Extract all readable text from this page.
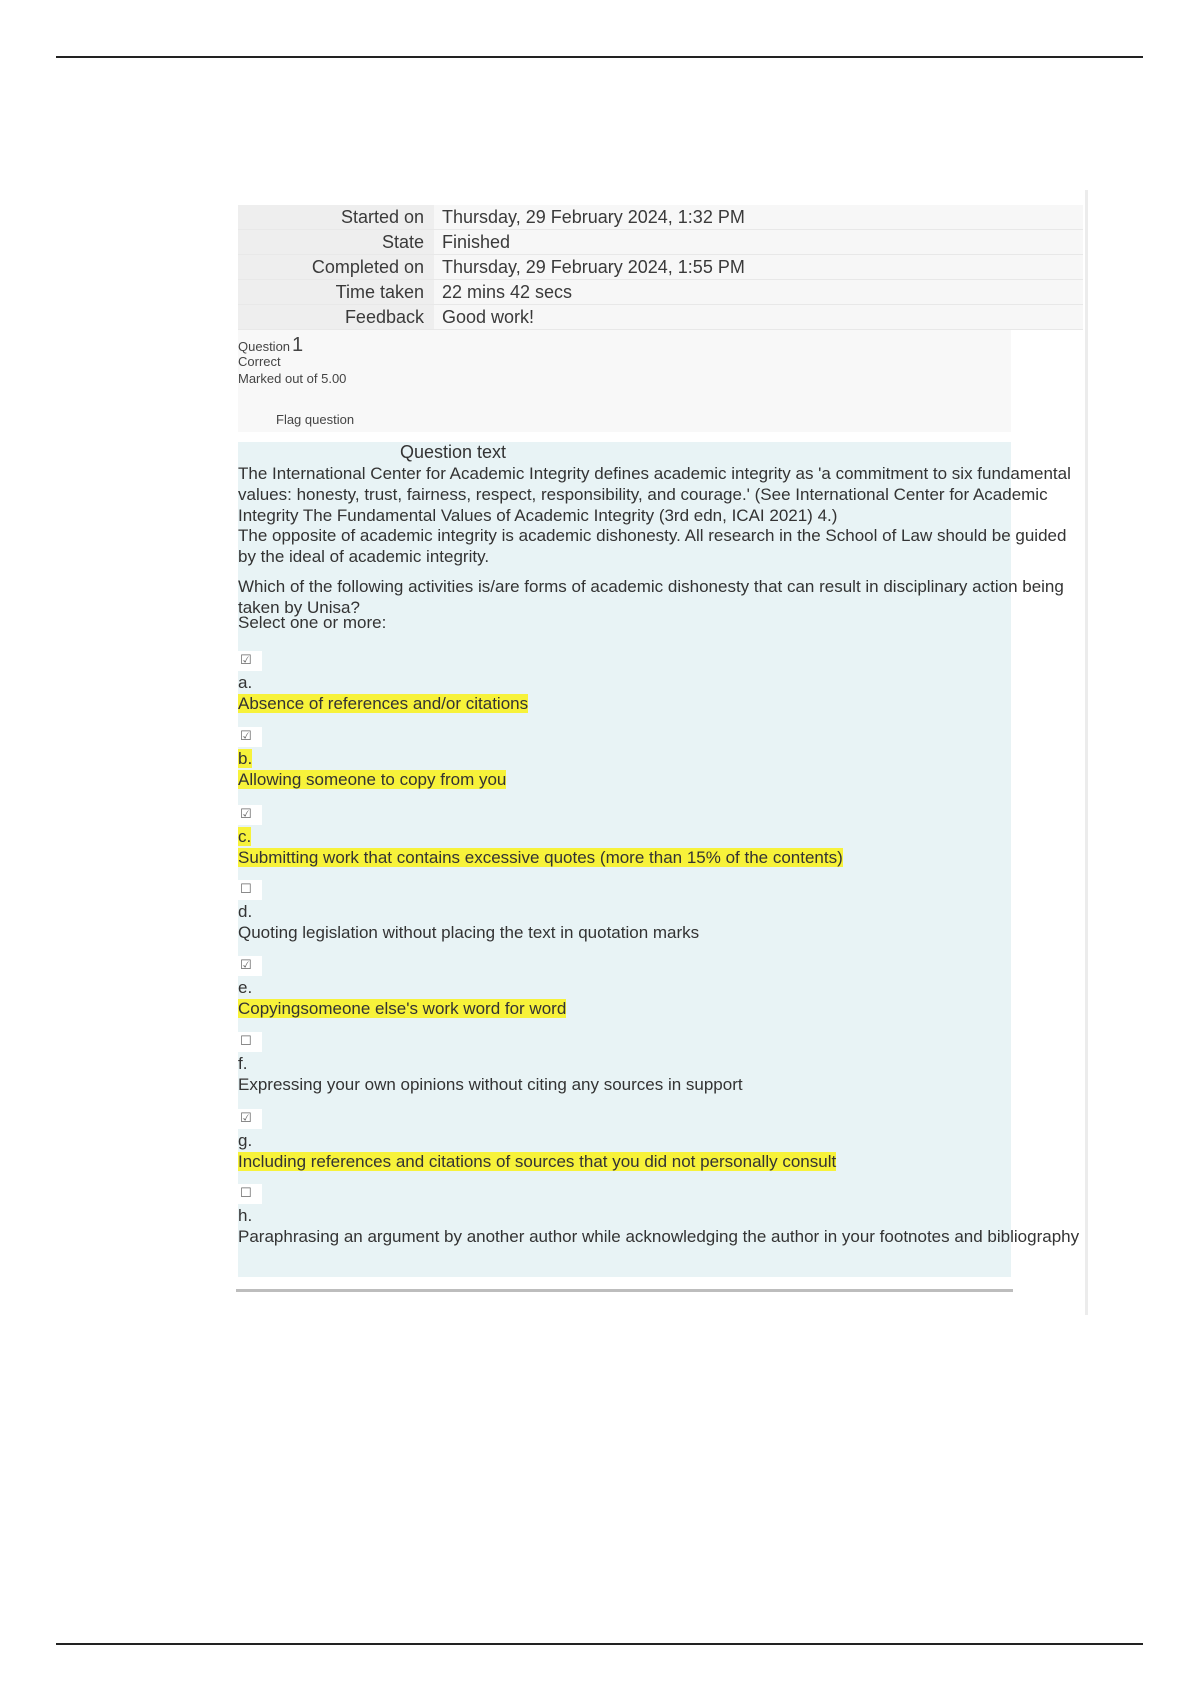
Started on	Thursday, 29 February 2024, 1:32 PM
State	Finished
Completed on	Thursday, 29 February 2024, 1:55 PM
Time taken	22 mins 42 secs
Feedback	Good work!
Question 1
Correct
Marked out of 5.00
Flag question
Question text
The International Center for Academic Integrity defines academic integrity as 'a commitment to six fundamental values: honesty, trust, fairness, respect, responsibility, and courage.' (See International Center for Academic Integrity The Fundamental Values of Academic Integrity (3rd edn, ICAI 2021) 4.)
The opposite of academic integrity is academic dishonesty. All research in the School of Law should be guided by the ideal of academic integrity.
Which of the following activities is/are forms of academic dishonesty that can result in disciplinary action being taken by Unisa?
Select one or more:
☑
a.
Absence of references and/or citations
☑
b.
Allowing someone to copy from you
☑
c.
Submitting work that contains excessive quotes (more than 15% of the contents)
☐
d.
Quoting legislation without placing the text in quotation marks
☑
e.
Copyingsomeone else's work word for word
☐
f.
Expressing your own opinions without citing any sources in support
☑
g.
Including references and citations of sources that you did not personally consult
☐
h.
Paraphrasing an argument by another author while acknowledging the author in your footnotes and bibliography
